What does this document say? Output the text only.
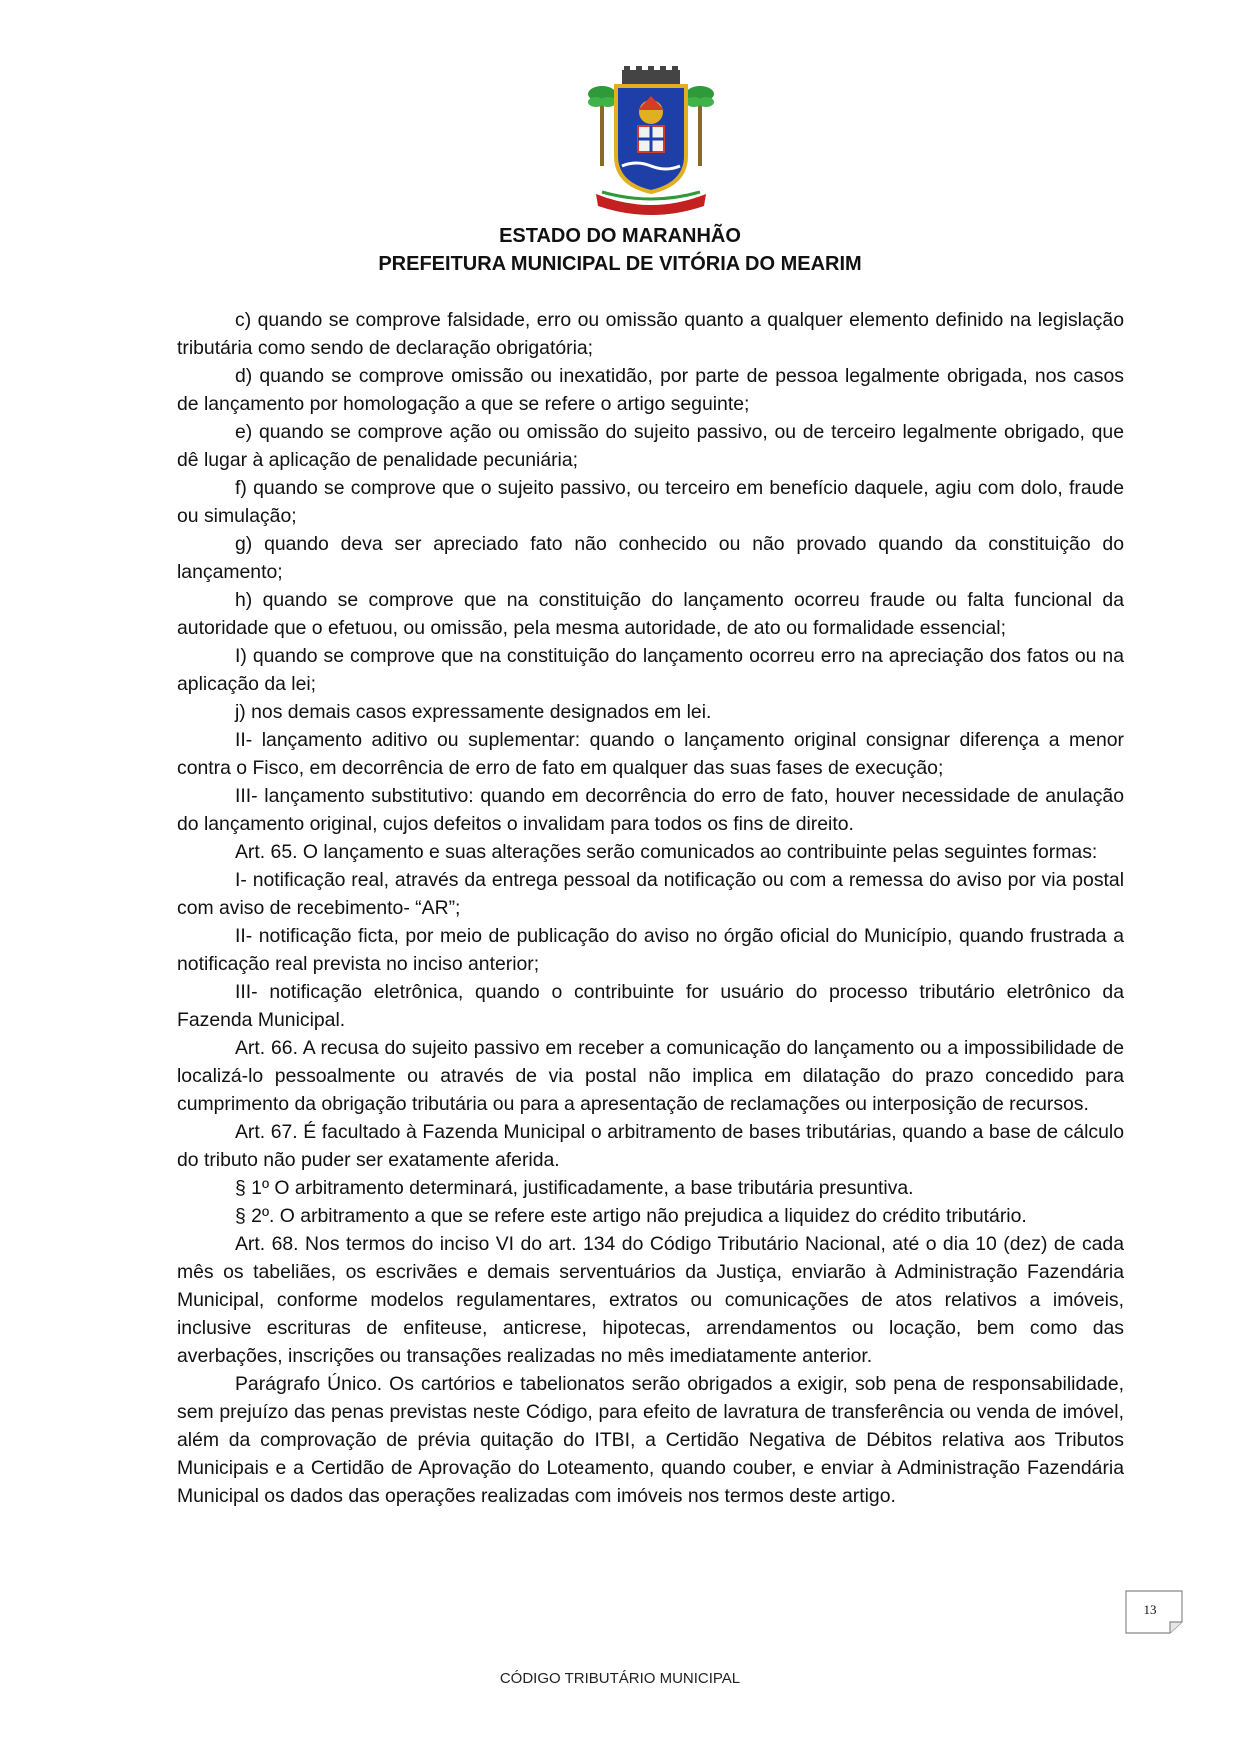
ESTADO DO MARANHÃO
PREFEITURA MUNICIPAL DE VITÓRIA DO MEARIM

c) quando se comprove falsidade, erro ou omissão quanto a qualquer elemento definido na legislação tributária como sendo de declaração obrigatória;

d) quando se comprove omissão ou inexatidão, por parte de pessoa legalmente obrigada, nos casos de lançamento por homologação a que se refere o artigo seguinte;

e) quando se comprove ação ou omissão do sujeito passivo, ou de terceiro legalmente obrigado, que dê lugar à aplicação de penalidade pecuniária;

f) quando se comprove que o sujeito passivo, ou terceiro em benefício daquele, agiu com dolo, fraude ou simulação;

g) quando deva ser apreciado fato não conhecido ou não provado quando da constituição do lançamento;

h) quando se comprove que na constituição do lançamento ocorreu fraude ou falta funcional da autoridade que o efetuou, ou omissão, pela mesma autoridade, de ato ou formalidade essencial;

I) quando se comprove que na constituição do lançamento ocorreu erro na apreciação dos fatos ou na aplicação da lei;

j) nos demais casos expressamente designados em lei.

II- lançamento aditivo ou suplementar: quando o lançamento original consignar diferença a menor contra o Fisco, em decorrência de erro de fato em qualquer das suas fases de execução;

III- lançamento substitutivo: quando em decorrência do erro de fato, houver necessidade de anulação do lançamento original, cujos defeitos o invalidam para todos os fins de direito.

Art. 65. O lançamento e suas alterações serão comunicados ao contribuinte pelas seguintes formas:

I- notificação real, através da entrega pessoal da notificação ou com a remessa do aviso por via postal com aviso de recebimento- “AR”;

II- notificação ficta, por meio de publicação do aviso no órgão oficial do Município, quando frustrada a notificação real prevista no inciso anterior;

III- notificação eletrônica, quando o contribuinte for usuário do processo tributário eletrônico da Fazenda Municipal.

Art. 66. A recusa do sujeito passivo em receber a comunicação do lançamento ou a impossibilidade de localizá-lo pessoalmente ou através de via postal não implica em dilatação do prazo concedido para cumprimento da obrigação tributária ou para a apresentação de reclamações ou interposição de recursos.

Art. 67. É facultado à Fazenda Municipal o arbitramento de bases tributárias, quando a base de cálculo do tributo não puder ser exatamente aferida.

§ 1º O arbitramento determinará, justificadamente, a base tributária presuntiva.

§ 2º. O arbitramento a que se refere este artigo não prejudica a liquidez do crédito tributário.

Art. 68. Nos termos do inciso VI do art. 134 do Código Tributário Nacional, até o dia 10 (dez) de cada mês os tabeliães, os escrivães e demais serventuários da Justiça, enviarão à Administração Fazendária Municipal, conforme modelos regulamentares, extratos ou comunicações de atos relativos a imóveis, inclusive escrituras de enfiteuse, anticrese, hipotecas, arrendamentos ou locação, bem como das averbações, inscrições ou transações realizadas no mês imediatamente anterior.

Parágrafo Único. Os cartórios e tabelionatos serão obrigados a exigir, sob pena de responsabilidade, sem prejuízo das penas previstas neste Código, para efeito de lavratura de transferência ou venda de imóvel, além da comprovação de prévia quitação do ITBI, a Certidão Negativa de Débitos relativa aos Tributos Municipais e a Certidão de Aprovação do Loteamento, quando couber, e enviar à Administração Fazendária Municipal os dados das operações realizadas com imóveis nos termos deste artigo.

13
CÓDIGO TRIBUTÁRIO MUNICIPAL
